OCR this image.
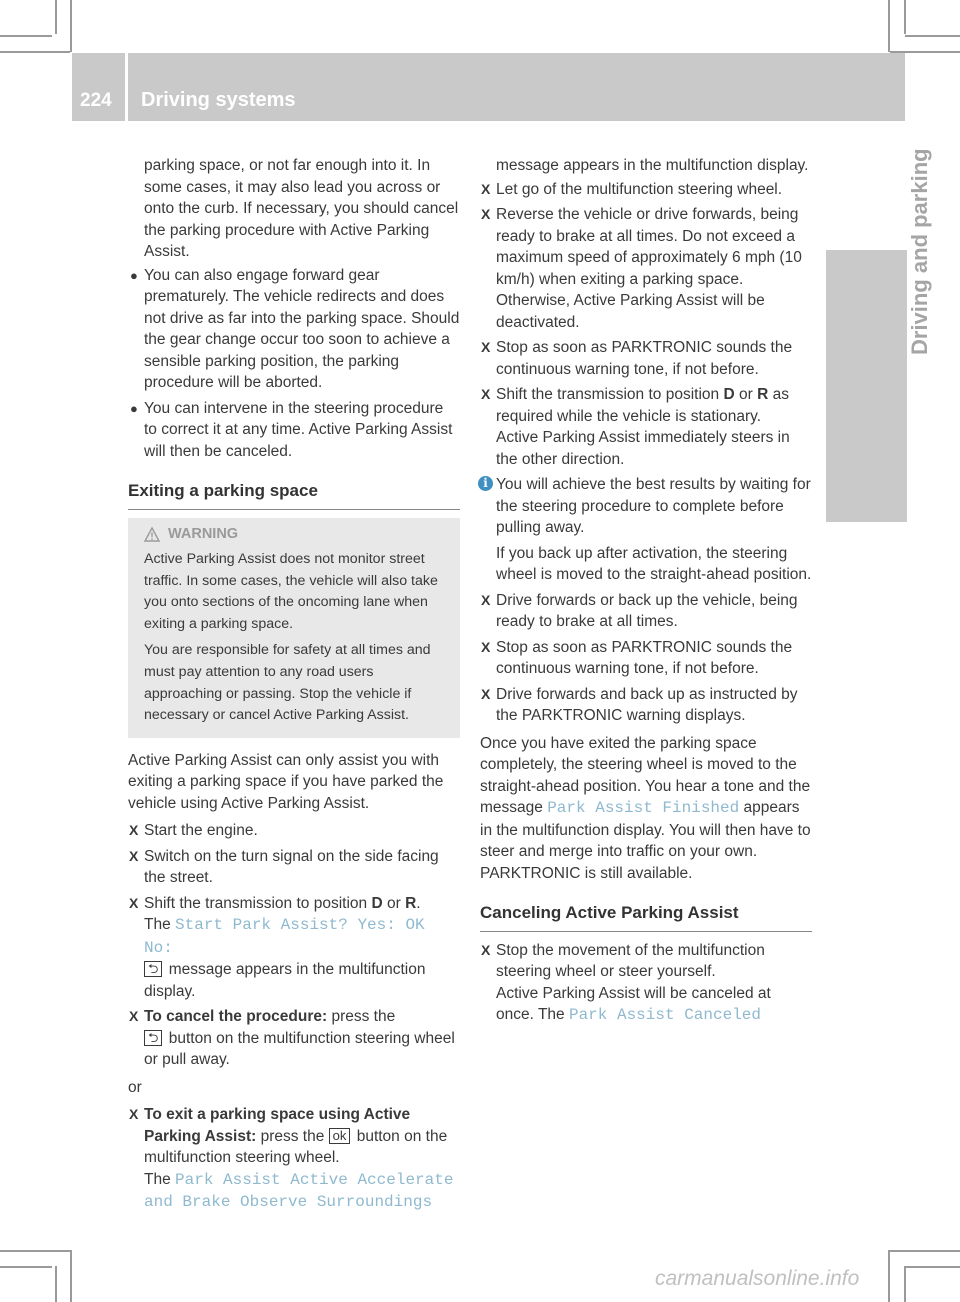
224 Driving systems
Driving and parking

parking space, or not far enough into it. In some cases, it may also lead you across or onto the curb. If necessary, you should cancel the parking procedure with Active Parking Assist.

● You can also engage forward gear prematurely. The vehicle redirects and does not drive as far into the parking space. Should the gear change occur too soon to achieve a sensible parking position, the parking procedure will be aborted.
● You can intervene in the steering procedure to correct it at any time. Active Parking Assist will then be canceled.
Exiting a parking space
WARNING

Active Parking Assist does not monitor street traffic. In some cases, the vehicle will also take you onto sections of the oncoming lane when exiting a parking space.

You are responsible for safety at all times and must pay attention to any road users approaching or passing. Stop the vehicle if necessary or cancel Active Parking Assist.

Active Parking Assist can only assist you with exiting a parking space if you have parked the vehicle using Active Parking Assist.

X Start the engine.
X Switch on the turn signal on the side facing the street.
X Shift the transmission to position D or R.
The Start Park Assist? Yes: OK No:
⮌ message appears in the multifunction display.
X To cancel the procedure: press the
⮌ button on the multifunction steering wheel or pull away.

or

X To exit a parking space using Active Parking Assist: press the ok button on the multifunction steering wheel.
The Park Assist Active Accelerate and Brake Observe Surroundings

message appears in the multifunction display.

X Let go of the multifunction steering wheel.
X Reverse the vehicle or drive forwards, being ready to brake at all times. Do not exceed a maximum speed of approximately 6 mph (10 km/h) when exiting a parking space. Otherwise, Active Parking Assist will be deactivated.
X Stop as soon as PARKTRONIC sounds the continuous warning tone, if not before.
X Shift the transmission to position D or R as required while the vehicle is stationary.
Active Parking Assist immediately steers in the other direction.
i You will achieve the best results by waiting for the steering procedure to complete before pulling away.

If you back up after activation, the steering wheel is moved to the straight-ahead position.

X Drive forwards or back up the vehicle, being ready to brake at all times.
X Stop as soon as PARKTRONIC sounds the continuous warning tone, if not before.
X Drive forwards and back up as instructed by the PARKTRONIC warning displays.

Once you have exited the parking space completely, the steering wheel is moved to the straight-ahead position. You hear a tone and the message Park Assist Finished appears in the multifunction display. You will then have to steer and merge into traffic on your own. PARKTRONIC is still available.

Canceling Active Parking Assist
X Stop the movement of the multifunction steering wheel or steer yourself.
Active Parking Assist will be canceled at once. The Park Assist Canceled
carmanualsonline.info
